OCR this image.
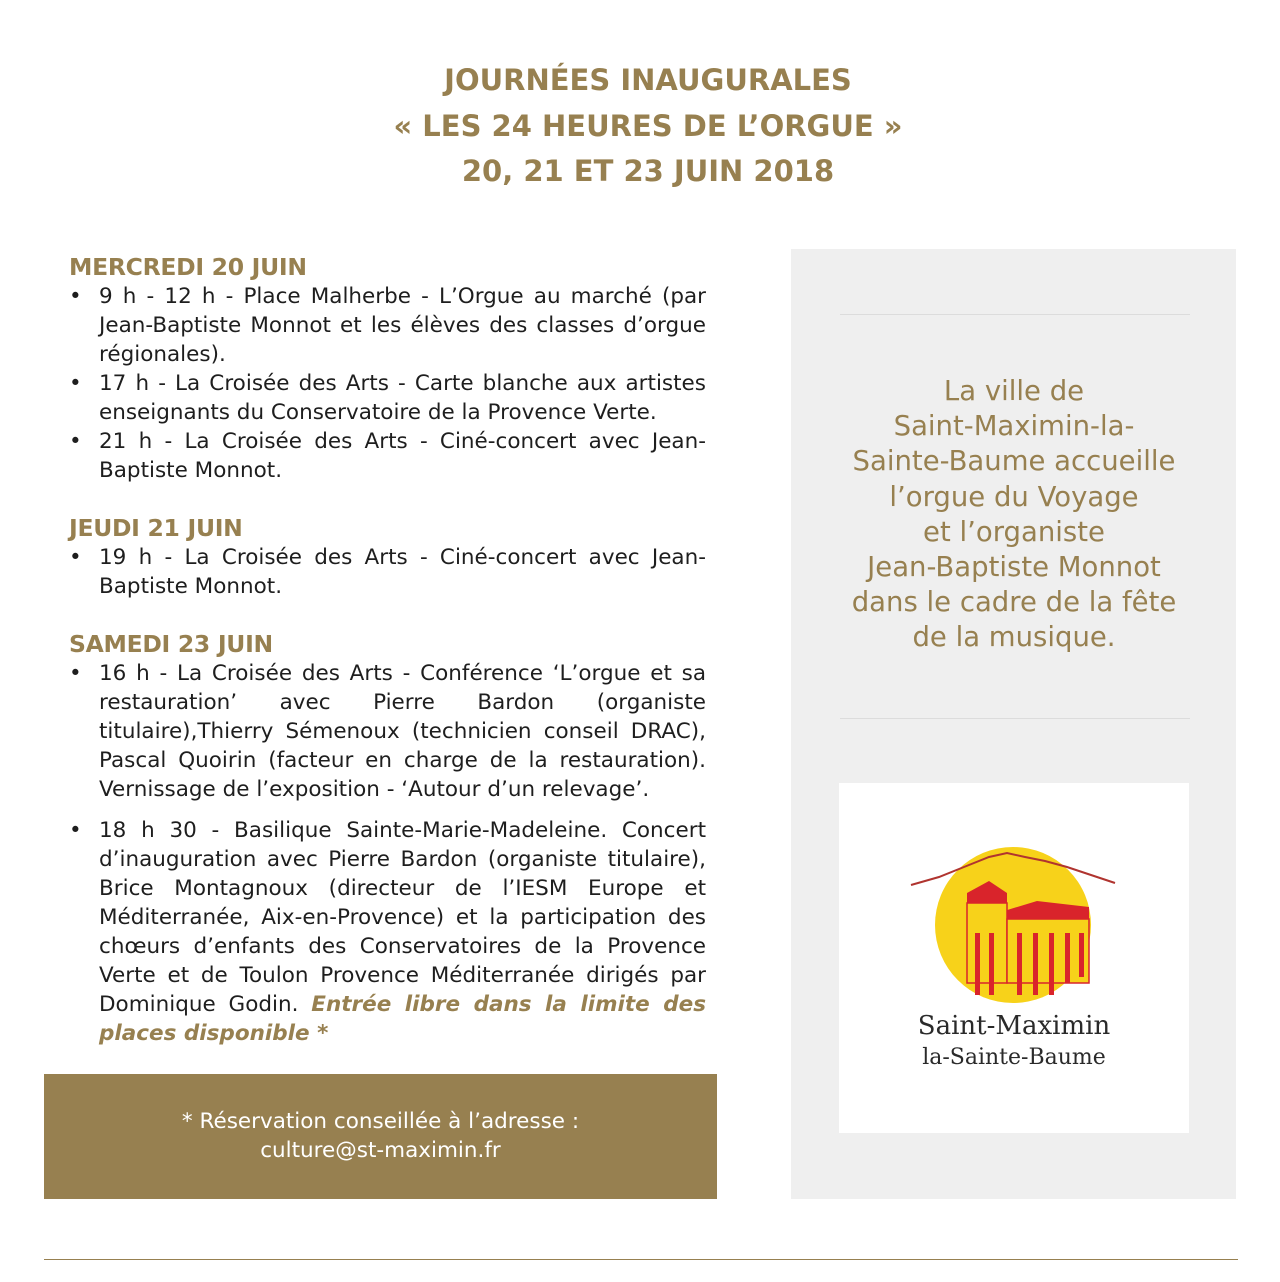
JOURNÉES INAUGURALES
« LES 24 HEURES DE L’ORGUE »
20, 21 ET 23 JUIN 2018
MERCREDI 20 JUIN
• 9 h - 12 h - Place Malherbe - L’Orgue au marché (par Jean-Baptiste Monnot et les élèves des classes d’orgue régionales).
• 17 h - La Croisée des Arts - Carte blanche aux artistes enseignants du Conservatoire de la Provence Verte.
• 21 h - La Croisée des Arts - Ciné-concert avec Jean-Baptiste Monnot.
JEUDI 21 JUIN
• 19 h - La Croisée des Arts - Ciné-concert avec Jean-Baptiste Monnot.
SAMEDI 23 JUIN
• 16 h - La Croisée des Arts - Conférence ‘L’orgue et sa restauration’ avec Pierre Bardon (organiste titulaire),Thierry Sémenoux (technicien conseil DRAC), Pascal Quoirin (facteur en charge de la restauration). Vernissage de l’exposition - ‘Autour d’un relevage’.
• 18 h 30 - Basilique Sainte-Marie-Madeleine. Concert d’inauguration avec Pierre Bardon (organiste titulaire), Brice Montagnoux (directeur de l’IESM Europe et Méditerranée, Aix-en-Provence) et la participation des chœurs d’enfants des Conservatoires de la Provence Verte et de Toulon Provence Méditerranée dirigés par Dominique Godin. Entrée libre dans la limite des places disponible *
* Réservation conseillée à l’adresse :
culture@st-maximin.fr
La ville de
Saint-Maximin-la-
Sainte-Baume accueille
l’orgue du Voyage
et l’organiste
Jean-Baptiste Monnot
dans le cadre de la fête
de la musique.
Saint-Maximin
la-Sainte-Baume
